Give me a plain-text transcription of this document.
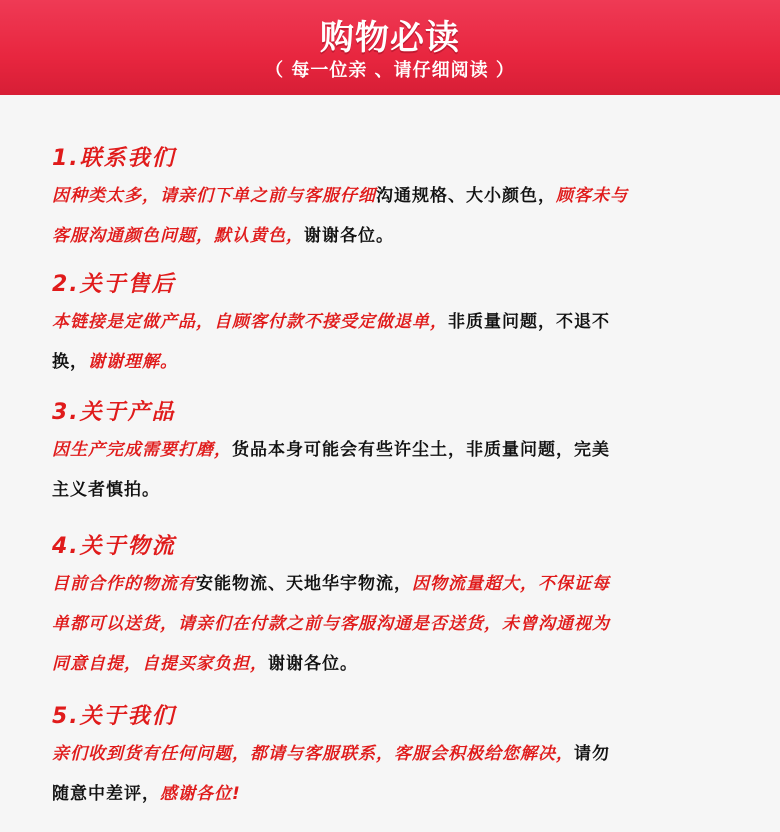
购物必读
（ 每一位亲 、请仔细阅读 ）
1.联系我们
因种类太多，请亲们下单之前与客服仔细沟通规格、大小颜色，顾客未与
客服沟通颜色问题，默认黄色，谢谢各位。
2.关于售后
本链接是定做产品，自顾客付款不接受定做退单，非质量问题，不退不
换，谢谢理解。
3.关于产品
因生产完成需要打磨，货品本身可能会有些许尘土，非质量问题，完美
主义者慎拍。
4.关于物流
目前合作的物流有安能物流、天地华宇物流，因物流量超大，不保证每
单都可以送货，请亲们在付款之前与客服沟通是否送货，未曾沟通视为
同意自提，自提买家负担，谢谢各位。
5.关于我们
亲们收到货有任何问题，都请与客服联系，客服会积极给您解决，请勿
随意中差评，感谢各位!
